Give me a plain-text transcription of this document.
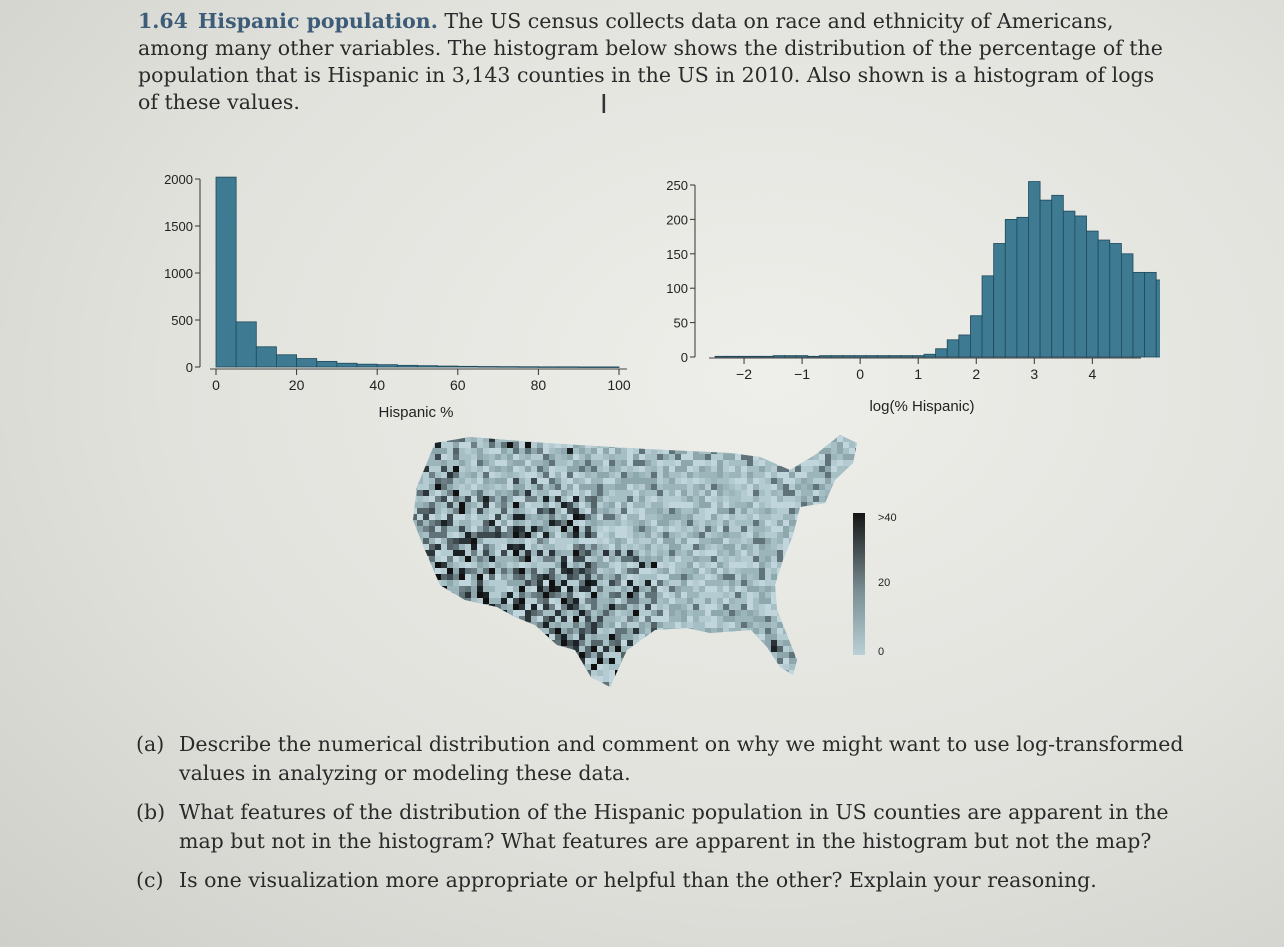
1.64 Hispanic population. The US census collects data on race and ethnicity of Americans, among many other variables. The histogram below shows the distribution of the percentage of the population that is Hispanic in 3,143 counties in the US in 2010. Also shown is a histogram of logs of these values.	I
0
500
1000
1500
2000
0	20	40	60	80	100
Hispanic %
0
50
100
150
200
250
−2	−1	0	1	2	3	4
log(% Hispanic)
>40
20
0
(a) Describe the numerical distribution and comment on why we might want to use log-transformed values in analyzing or modeling these data.
(b) What features of the distribution of the Hispanic population in US counties are apparent in the map but not in the histogram? What features are apparent in the histogram but not the map?
(c) Is one visualization more appropriate or helpful than the other? Explain your reasoning.
